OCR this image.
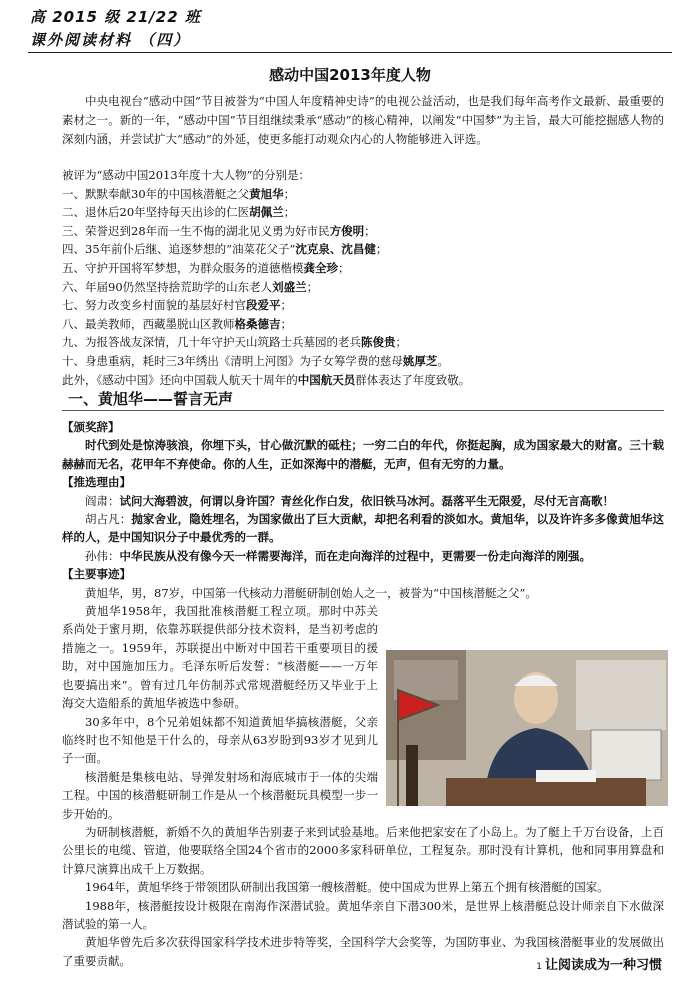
高 2015 级 21/22 班
课外阅读材料 （四）
感动中国2013年度人物

中央电视台“感动中国”节目被誉为“中国人年度精神史诗”的电视公益活动，也是我们每年高考作文最新、最重要的素材之一。新的一年，“感动中国”节目组继续秉承“感动”的核心精神，以阐发“中国梦”为主旨，最大可能挖掘感人物的深刻内涵，并尝试扩大“感动”的外延，使更多能打动观众内心的人物能够进入评选。

被评为“感动中国2013年度十大人物”的分别是：

一、默默奉献30年的中国核潜艇之父黄旭华；

二、退休后20年坚持每天出诊的仁医胡佩兰；

三、荣誉迟到28年而一生不悔的湖北见义勇为好市民方俊明；

四、35年前仆后继、追逐梦想的“油菜花父子”沈克泉、沈昌健；

五、守护开国将军梦想，为群众服务的道德楷模龚全珍；

六、年届90仍然坚持捨荒助学的山东老人刘盛兰；

七、努力改变乡村面貌的基层好村官段爱平；

八、最美教师，西藏墨脱山区教师格桑德吉；

九、为报答战友深情，几十年守护天山筑路士兵墓园的老兵陈俊贵；

十、身患重病，耗时三3年绣出《清明上河图》为子女筹学费的慈母姚厚芝。

此外，《感动中国》还向中国载人航天十周年的中国航天员群体表达了年度致敬。

一、黄旭华——誓言无声

【颁奖辞】

时代到处是惊涛骇浪，你埋下头，甘心做沉默的砥柱；一穷二白的年代，你挺起胸，成为国家最大的财富。三十载赫赫而无名，花甲年不弃使命。你的人生，正如深海中的潜艇，无声，但有无穷的力量。

【推选理由】

阎肃：试问大海碧波，何谓以身许国？青丝化作白发，依旧铁马冰河。磊落平生无限爱，尽付无言高歌！

胡占凡：抛家舍业，隐姓埋名，为国家做出了巨大贡献，却把名利看的淡如水。黄旭华，以及许许多多像黄旭华这样的人，是中国知识分子中最优秀的一群。

孙伟：中华民族从没有像今天一样需要海洋，而在走向海洋的过程中，更需要一份走向海洋的刚强。

【主要事迹】

黄旭华，男，87岁，中国第一代核动力潜艇研制创始人之一，被誉为“中国核潜艇之父”。

黄旭华1958年，我国批准核潜艇工程立项。那时中苏关系尚处于蜜月期，依靠苏联提供部分技术资料，是当初考虑的措施之一。1959年，苏联提出中断对中国若干重要项目的援助，对中国施加压力。毛泽东听后发誓：“核潜艇——一万年也要搞出来”。曾有过几年仿制苏式常规潜艇经历又毕业于上海交大造船系的黄旭华被选中参研。

30多年中，8个兄弟姐妹都不知道黄旭华搞核潜艇，父亲临终时也不知他是干什么的，母亲从63岁盼到93岁才见到儿子一面。

核潜艇是集核电站、导弹发射场和海底城市于一体的尖端工程。中国的核潜艇研制工作是从一个核潜艇玩具模型一步一步开始的。

为研制核潜艇，新婚不久的黄旭华告别妻子来到试验基地。后来他把家安在了小岛上。为了艇上千万台设备，上百公里长的电缆、管道，他要联络全国24个省市的2000多家科研单位，工程复杂。那时没有计算机，他和同事用算盘和计算尺演算出成千上万数据。

1964年，黄旭华终于带领团队研制出我国第一艘核潜艇。使中国成为世界上第五个拥有核潜艇的国家。

1988年，核潜艇按设计极限在南海作深潜试验。黄旭华亲自下潜300米，是世界上核潜艇总设计师亲自下水做深潜试验的第一人。

黄旭华曾先后多次获得国家科学技术进步特等奖，全国科学大会奖等，为国防事业、为我国核潜艇事业的发展做出了重要贡献。	1 让阅读成为一种习惯
